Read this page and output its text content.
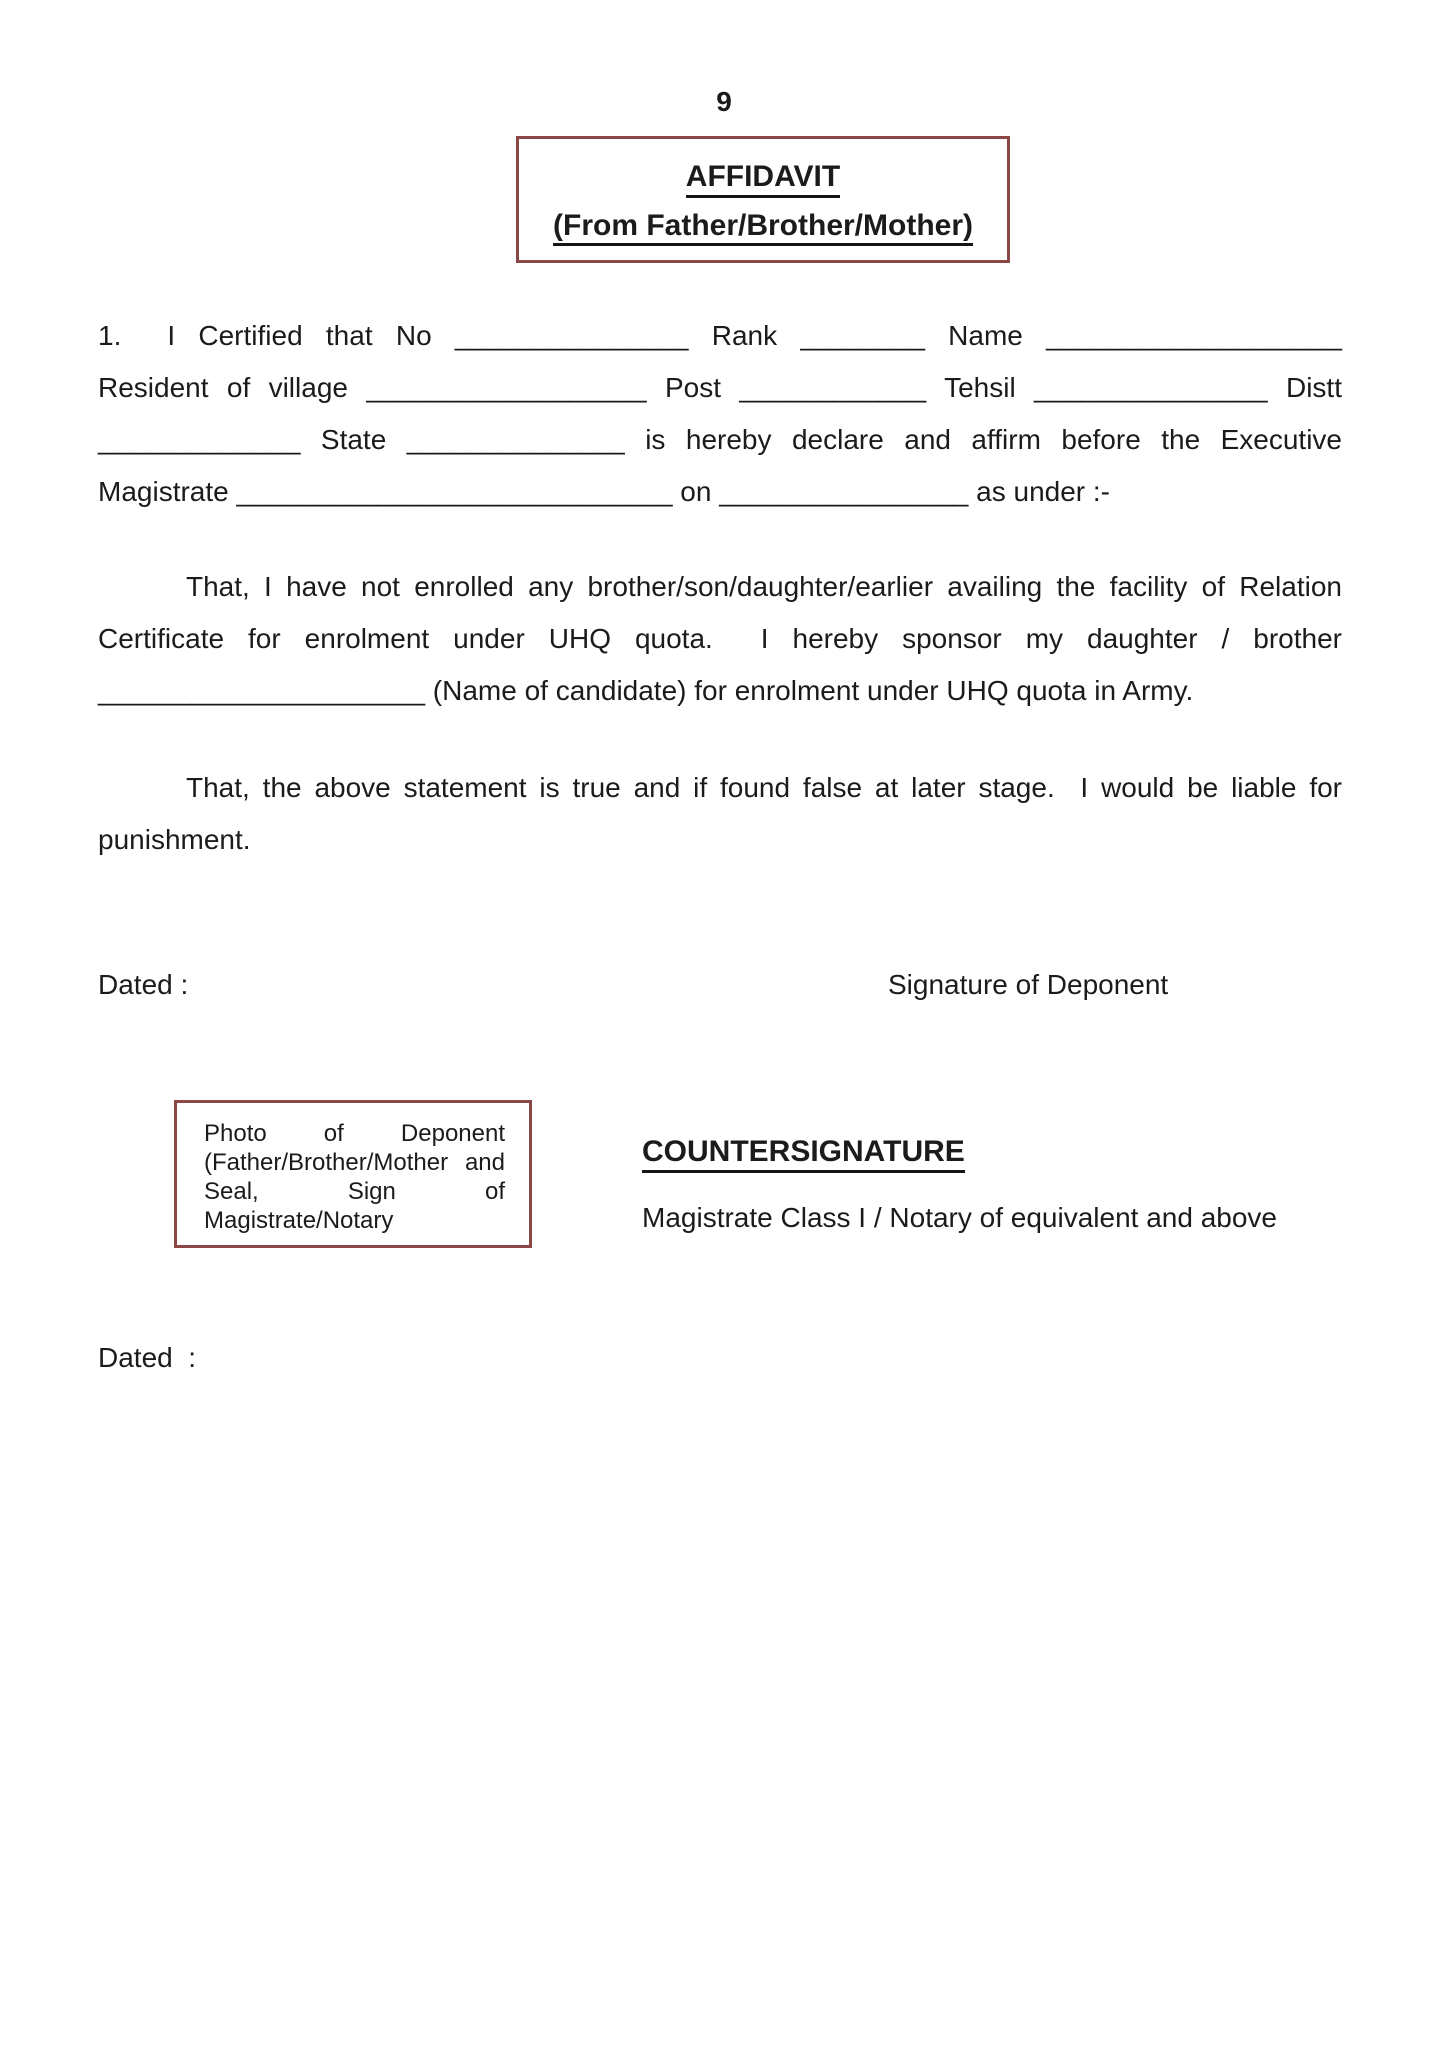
9
AFFIDAVIT
(From Father/Brother/Mother)
1. I Certified that No _______________ Rank ________ Name ___________________
Resident of village __________________ Post ____________ Tehsil _______________ Distt
_____________ State ______________ is hereby declare and affirm before the Executive
Magistrate ____________________________ on ________________ as under :-
That, I have not enrolled any brother/son/daughter/earlier availing the facility of Relation
Certificate for enrolment under UHQ quota.  I hereby sponsor my daughter / brother
_____________________ (Name of candidate) for enrolment under UHQ quota in Army.
That, the above statement is true and if found false at later stage.  I would be liable for
punishment.
Dated :	Signature of Deponent
Photo of Deponent
(Father/Brother/Mother and
Seal, Sign of
Magistrate/Notary
COUNTERSIGNATURE
Magistrate Class I / Notary of equivalent and above
Dated  :
